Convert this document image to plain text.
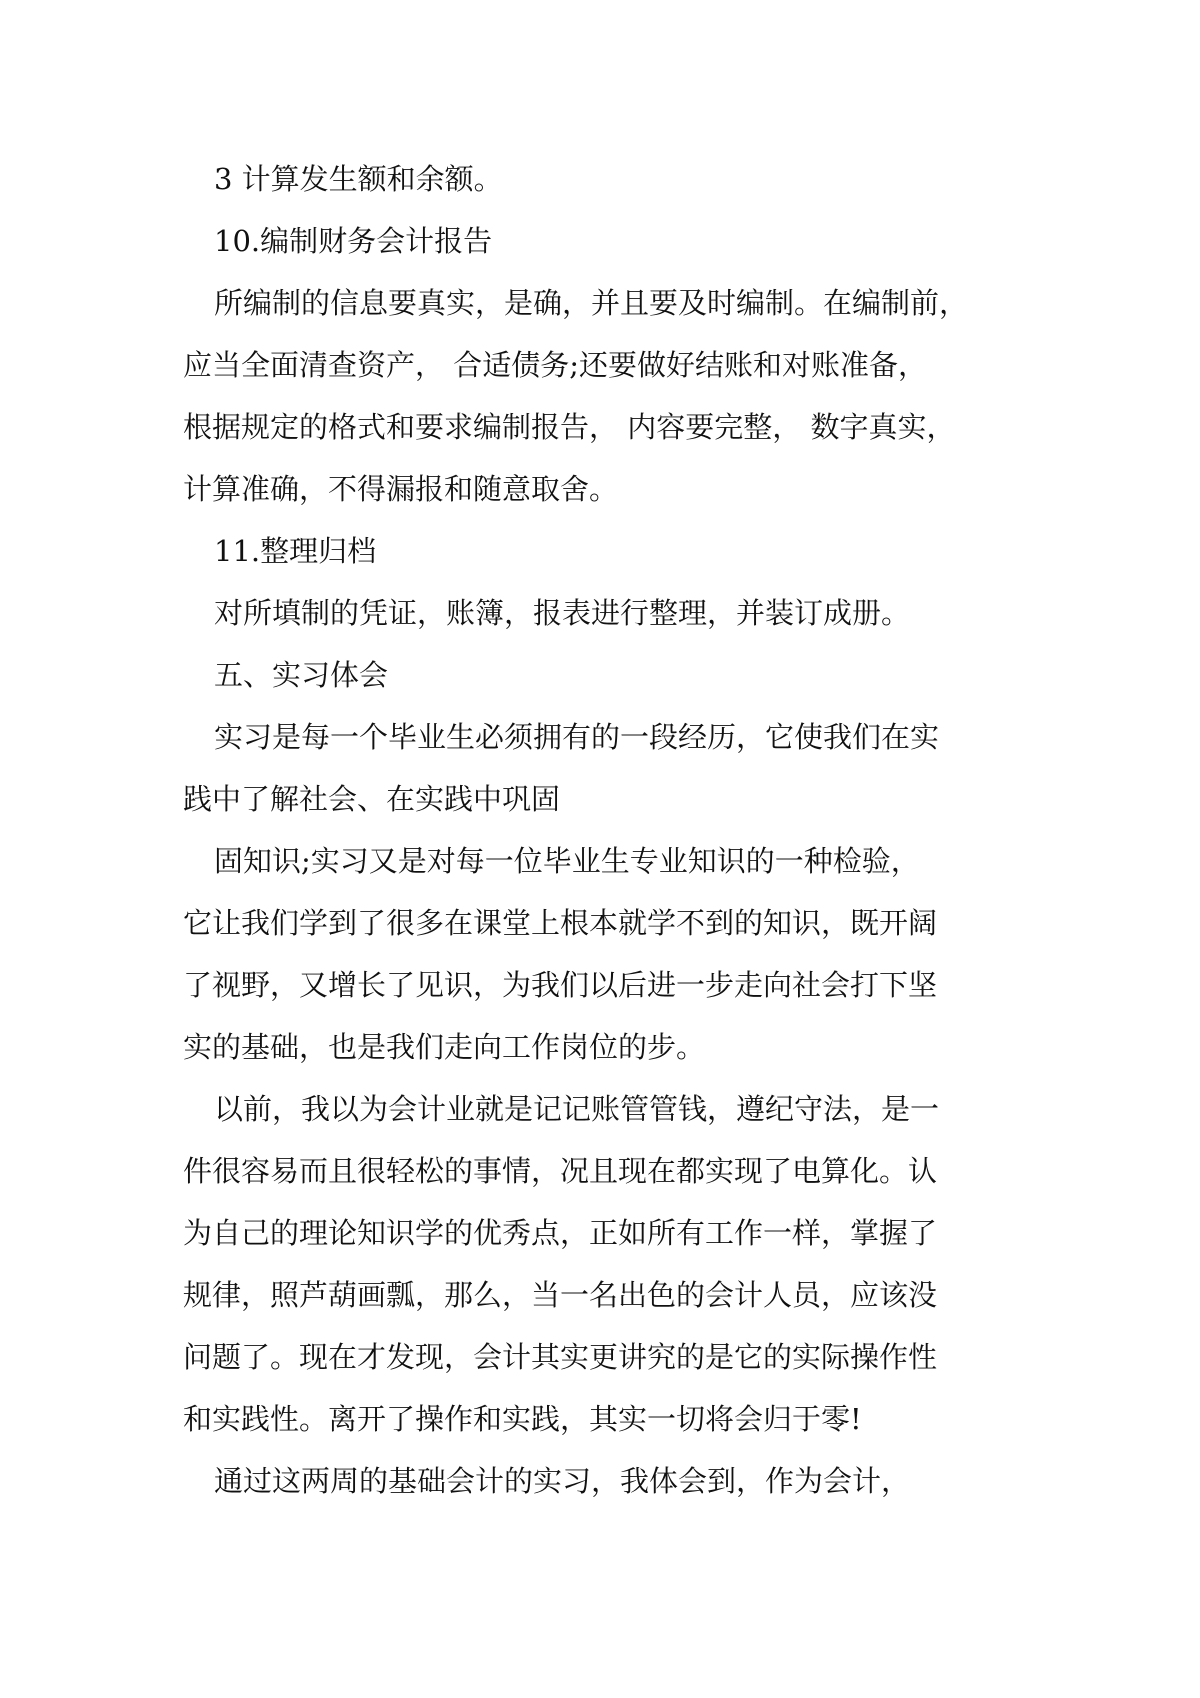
3 计算发生额和余额。
10.编制财务会计报告
所编制的信息要真实，是确，并且要及时编制。在编制前，
应当全面清查资产， 合适债务;还要做好结账和对账准备，
根据规定的格式和要求编制报告， 内容要完整， 数字真实，
计算准确，不得漏报和随意取舍。
11.整理归档
对所填制的凭证，账簿，报表进行整理，并装订成册。
五、实习体会
实习是每一个毕业生必须拥有的一段经历，它使我们在实
践中了解社会、在实践中巩固
固知识;实习又是对每一位毕业生专业知识的一种检验，
它让我们学到了很多在课堂上根本就学不到的知识，既开阔
了视野，又增长了见识，为我们以后进一步走向社会打下坚
实的基础，也是我们走向工作岗位的步。
以前，我以为会计业就是记记账管管钱，遵纪守法，是一
件很容易而且很轻松的事情，况且现在都实现了电算化。认
为自己的理论知识学的优秀点，正如所有工作一样，掌握了
规律，照芦葫画瓢，那么，当一名出色的会计人员，应该没
问题了。现在才发现，会计其实更讲究的是它的实际操作性
和实践性。离开了操作和实践，其实一切将会归于零!
通过这两周的基础会计的实习，我体会到，作为会计，
